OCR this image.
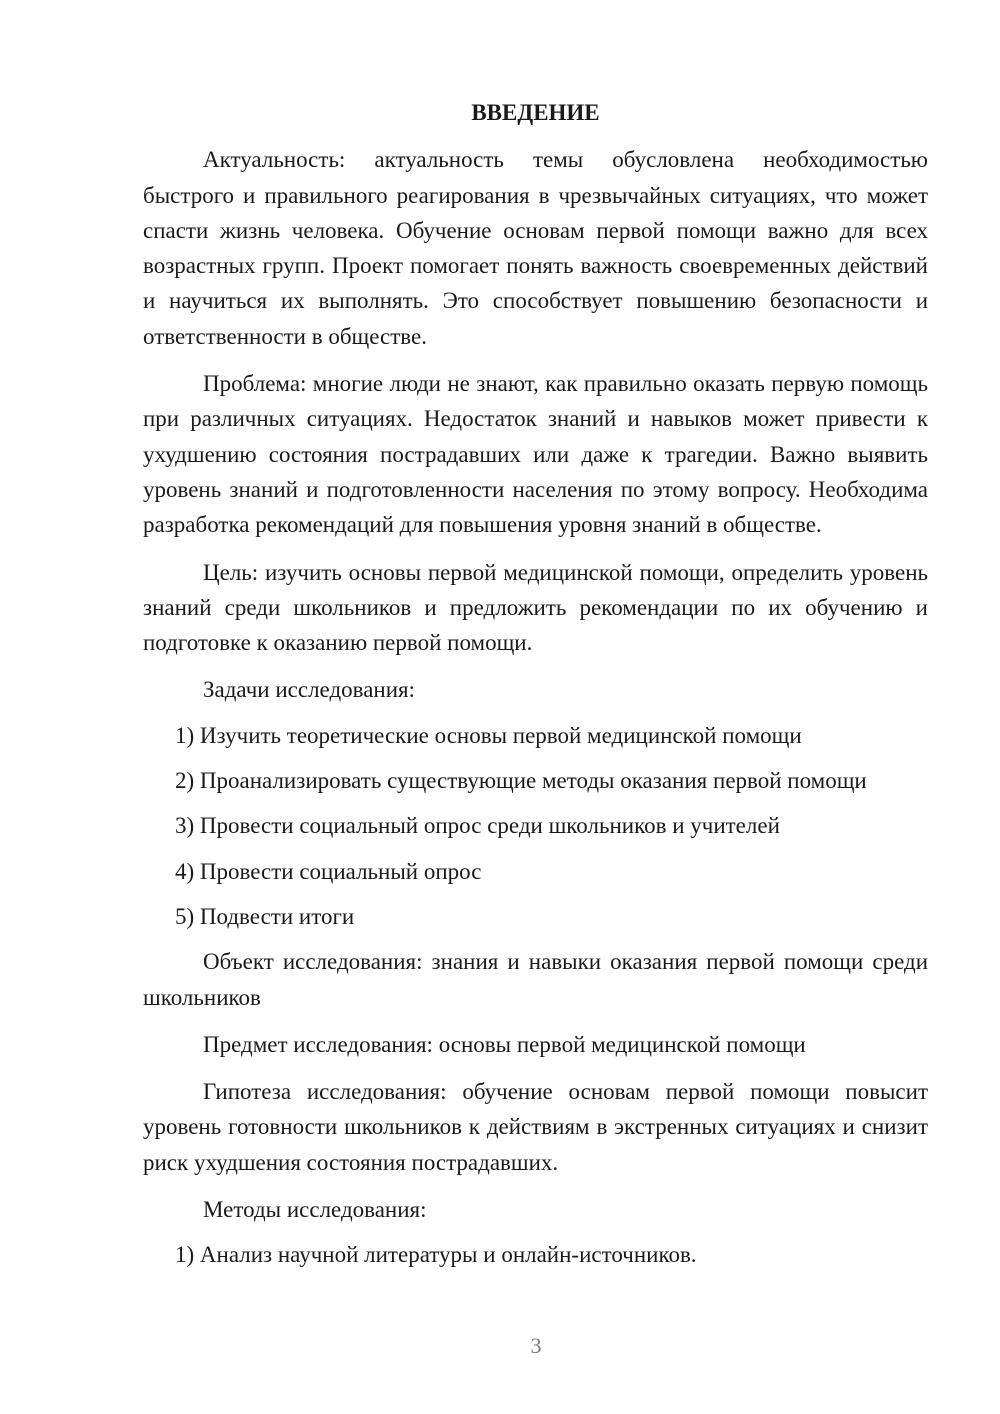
ВВЕДЕНИЕ
Актуальность: актуальность темы обусловлена необходимостью быстрого и правильного реагирования в чрезвычайных ситуациях, что может спасти жизнь человека. Обучение основам первой помощи важно для всех возрастных групп. Проект помогает понять важность своевременных действий и научиться их выполнять. Это способствует повышению безопасности и ответственности в обществе.
Проблема: многие люди не знают, как правильно оказать первую помощь при различных ситуациях. Недостаток знаний и навыков может привести к ухудшению состояния пострадавших или даже к трагедии. Важно выявить уровень знаний и подготовленности населения по этому вопросу. Необходима разработка рекомендаций для повышения уровня знаний в обществе.
Цель: изучить основы первой медицинской помощи, определить уровень знаний среди школьников и предложить рекомендации по их обучению и подготовке к оказанию первой помощи.
Задачи исследования:
1) Изучить теоретические основы первой медицинской помощи
2) Проанализировать существующие методы оказания первой помощи
3) Провести социальный опрос среди школьников и учителей
4) Провести социальный опрос
5) Подвести итоги
Объект исследования: знания и навыки оказания первой помощи среди школьников
Предмет исследования: основы первой медицинской помощи
Гипотеза исследования: обучение основам первой помощи повысит уровень готовности школьников к действиям в экстренных ситуациях и снизит риск ухудшения состояния пострадавших.
Методы исследования:
1) Анализ научной литературы и онлайн-источников.
3
